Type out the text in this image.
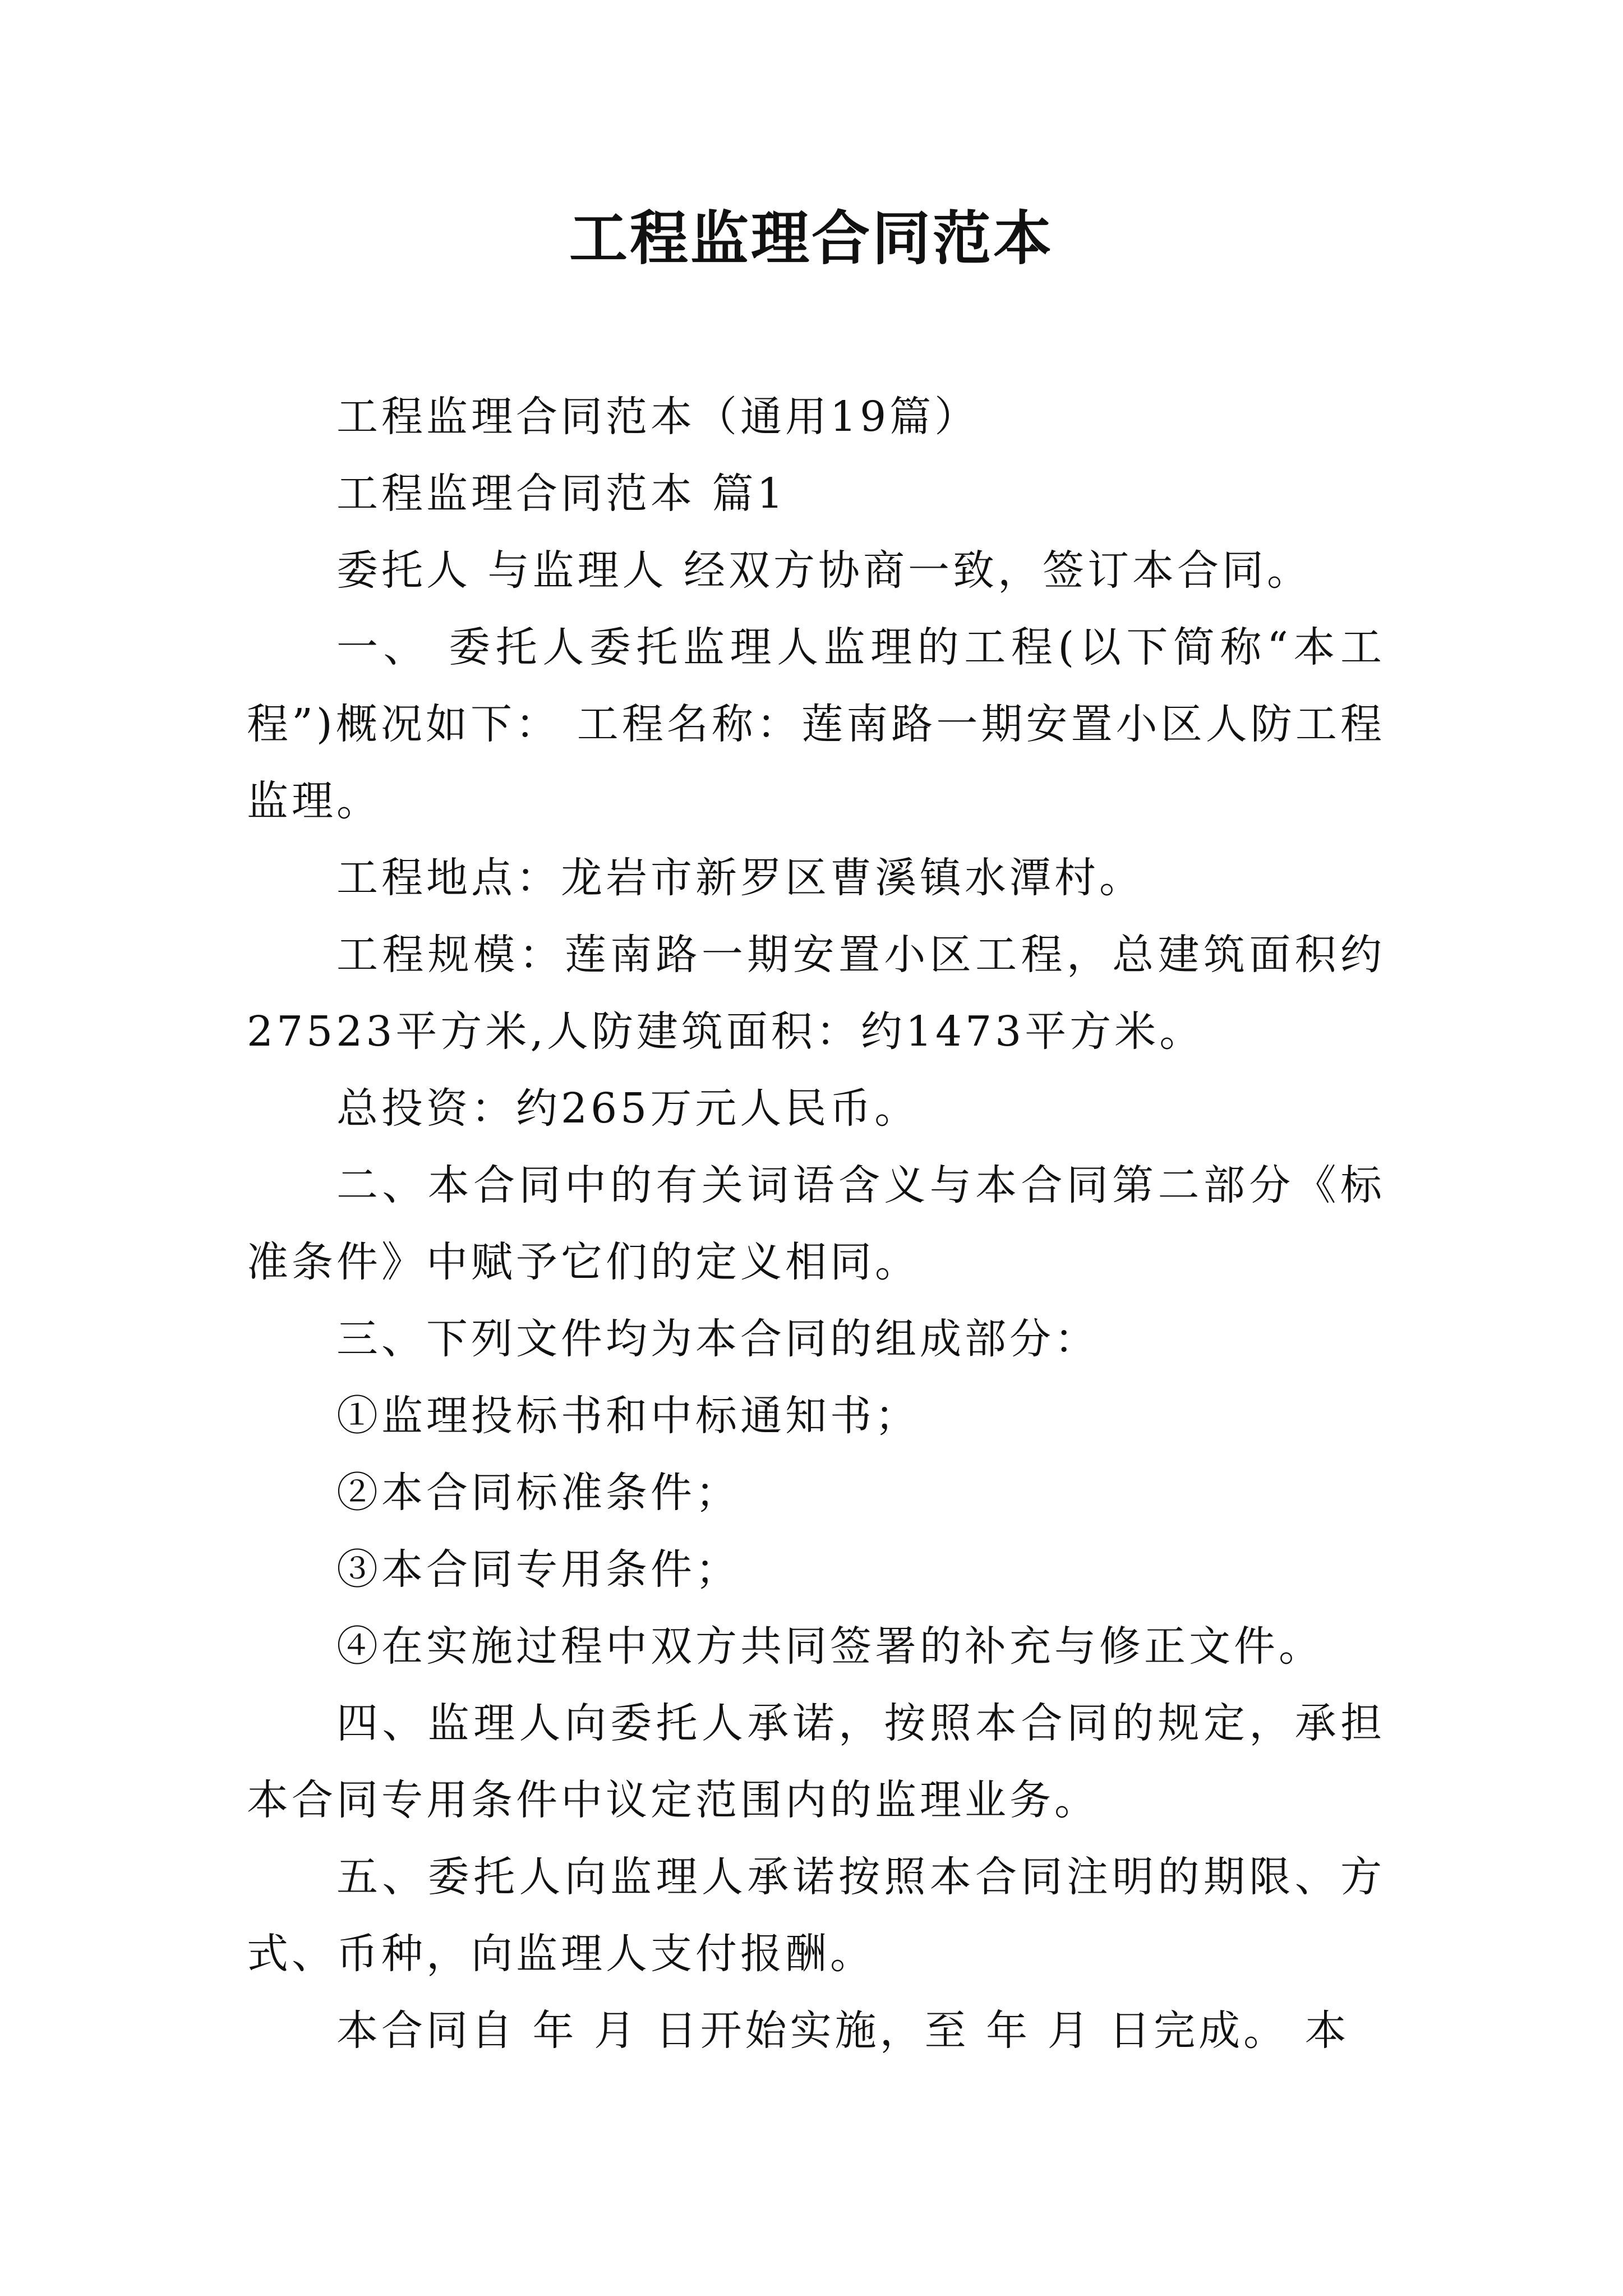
工程监理合同范本

工程监理合同范本（通用19篇）

工程监理合同范本 篇1

委托人 与监理人 经双方协商一致，签订本合同。

一、 委托人委托监理人监理的工程(以下简称“本工程”)概况如下： 工程名称：莲南路一期安置小区人防工程监理。

工程地点：龙岩市新罗区曹溪镇水潭村。

工程规模：莲南路一期安置小区工程，总建筑面积约27523平方米,人防建筑面积：约1473平方米。

总投资：约265万元人民币。

二、本合同中的有关词语含义与本合同第二部分《标准条件》中赋予它们的定义相同。

三、下列文件均为本合同的组成部分：

①监理投标书和中标通知书；

②本合同标准条件；

③本合同专用条件；

④在实施过程中双方共同签署的补充与修正文件。

四、监理人向委托人承诺，按照本合同的规定，承担本合同专用条件中议定范围内的监理业务。

五、委托人向监理人承诺按照本合同注明的期限、方式、币种，向监理人支付报酬。

本合同自 年 月 日开始实施，至 年 月 日完成。 本
